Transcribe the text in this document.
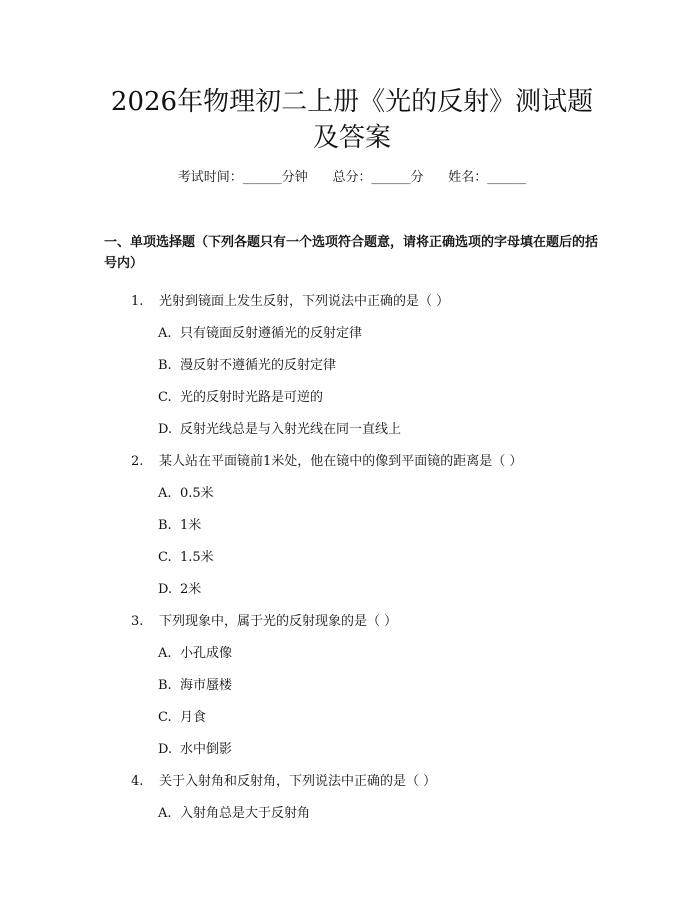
2026年物理初二上册《光的反射》测试题及答案
考试时间：______分钟      总分：______分      姓名：______
一、单项选择题（下列各题只有一个选项符合题意，请将正确选项的字母填在题后的括号内）
1. 光射到镜面上发生反射，下列说法中正确的是（ ）
A. 只有镜面反射遵循光的反射定律
B. 漫反射不遵循光的反射定律
C. 光的反射时光路是可逆的
D. 反射光线总是与入射光线在同一直线上
2. 某人站在平面镜前1米处，他在镜中的像到平面镜的距离是（ ）
A. 0.5米
B. 1米
C. 1.5米
D. 2米
3. 下列现象中，属于光的反射现象的是（ ）
A. 小孔成像
B. 海市蜃楼
C. 月食
D. 水中倒影
4. 关于入射角和反射角，下列说法中正确的是（ ）
A. 入射角总是大于反射角
